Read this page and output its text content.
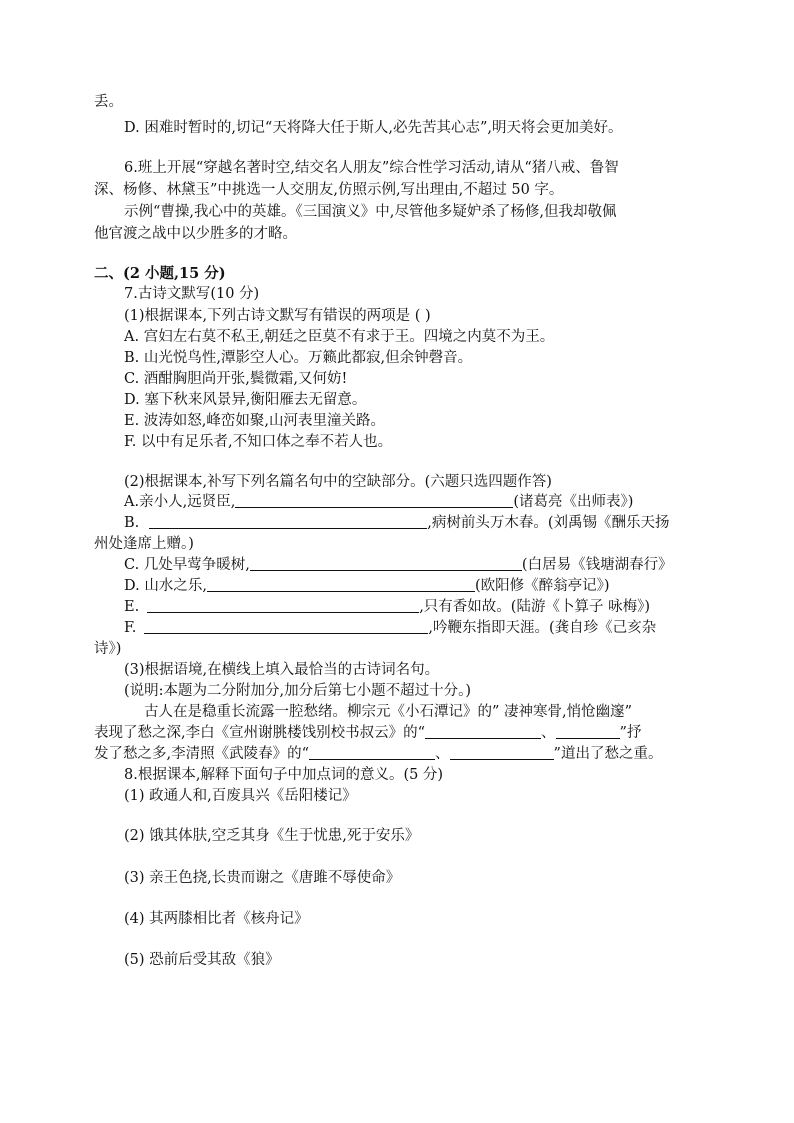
丢。
D. 困难时暂时的,切记“天将降大任于斯人,必先苦其心志”,明天将会更加美好。
6.班上开展“穿越名著时空,结交名人朋友”综合性学习活动,请从“猪八戒、鲁智
深、杨修、林黛玉”中挑选一人交朋友,仿照示例,写出理由,不超过 50 字。
示例“曹操,我心中的英雄。《三国演义》中,尽管他多疑妒杀了杨修,但我却敬佩
他官渡之战中以少胜多的才略。
二、(2 小题,15 分)
7.古诗文默写(10 分)
(1)根据课本,下列古诗文默写有错误的两项是 ( )
A. 宫妇左右莫不私王,朝廷之臣莫不有求于王。四境之内莫不为王。
B. 山光悦鸟性,潭影空人心。万籁此都寂,但余钟磬音。
C. 酒酣胸胆尚开张,鬓微霜,又何妨!
D. 塞下秋来风景异,衡阳雁去无留意。
E. 波涛如怒,峰峦如聚,山河表里潼关路。
F. 以中有足乐者,不知口体之奉不若人也。
(2)根据课本,补写下列名篇名句中的空缺部分。(六题只选四题作答)
A.亲小人,远贤臣,	(诸葛亮《出师表》)
B.	,病树前头万木春。(刘禹锡《酬乐天扬
州处逢席上赠。)
C. 几处早莺争暖树,	(白居易《钱塘湖春行》
D. 山水之乐,	(欧阳修《醉翁亭记》)
E.	,只有香如故。(陆游《卜算子 咏梅》)
F.	,吟鞭东指即天涯。(龚自珍《己亥杂
诗》)
(3)根据语境,在横线上填入最恰当的古诗词名句。
(说明:本题为二分附加分,加分后第七小题不超过十分。)
古人在是稳重长流露一腔愁绪。柳宗元《小石潭记》的” 凄神寒骨,悄怆幽邃”
表现了愁之深,李白《宣州谢朓楼饯别校书叔云》的“	、	”抒
发了愁之多,李清照《武陵春》的“	、	”道出了愁之重。
8.根据课本,解释下面句子中加点词的意义。(5 分)
(1) 政通人和,百废具兴《岳阳楼记》
(2) 饿其体肤,空乏其身《生于忧患,死于安乐》
(3) 亲王色挠,长贵而谢之《唐雎不辱使命》
(4) 其两膝相比者《核舟记》
(5) 恐前后受其敌《狼》
